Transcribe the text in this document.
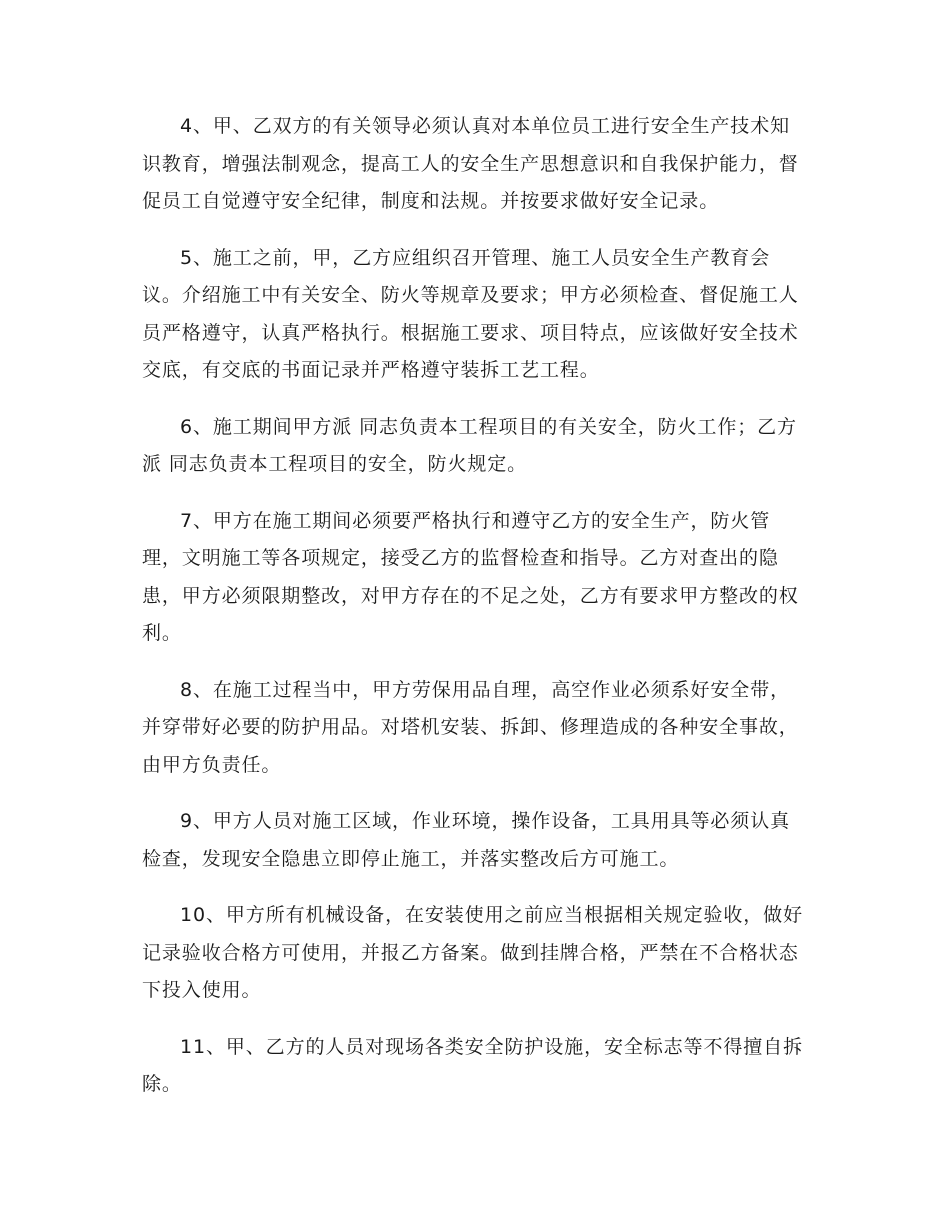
4、甲、乙双方的有关领导必须认真对本单位员工进行安全生产技术知识教育，增强法制观念，提高工人的安全生产思想意识和自我保护能力，督促员工自觉遵守安全纪律，制度和法规。并按要求做好安全记录。

5、施工之前，甲，乙方应组织召开管理、施工人员安全生产教育会议。介绍施工中有关安全、防火等规章及要求；甲方必须检查、督促施工人员严格遵守，认真严格执行。根据施工要求、项目特点，应该做好安全技术交底，有交底的书面记录并严格遵守装拆工艺工程。

6、施工期间甲方派 同志负责本工程项目的有关安全，防火工作；乙方派 同志负责本工程项目的安全，防火规定。

7、甲方在施工期间必须要严格执行和遵守乙方的安全生产，防火管理，文明施工等各项规定，接受乙方的监督检查和指导。乙方对查出的隐患，甲方必须限期整改，对甲方存在的不足之处，乙方有要求甲方整改的权利。

8、在施工过程当中，甲方劳保用品自理，高空作业必须系好安全带，并穿带好必要的防护用品。对塔机安装、拆卸、修理造成的各种安全事故，由甲方负责任。

9、甲方人员对施工区域，作业环境，操作设备，工具用具等必须认真检查，发现安全隐患立即停止施工，并落实整改后方可施工。

10、甲方所有机械设备，在安装使用之前应当根据相关规定验收，做好记录验收合格方可使用，并报乙方备案。做到挂牌合格，严禁在不合格状态下投入使用。

11、甲、乙方的人员对现场各类安全防护设施，安全标志等不得擅自拆除。
